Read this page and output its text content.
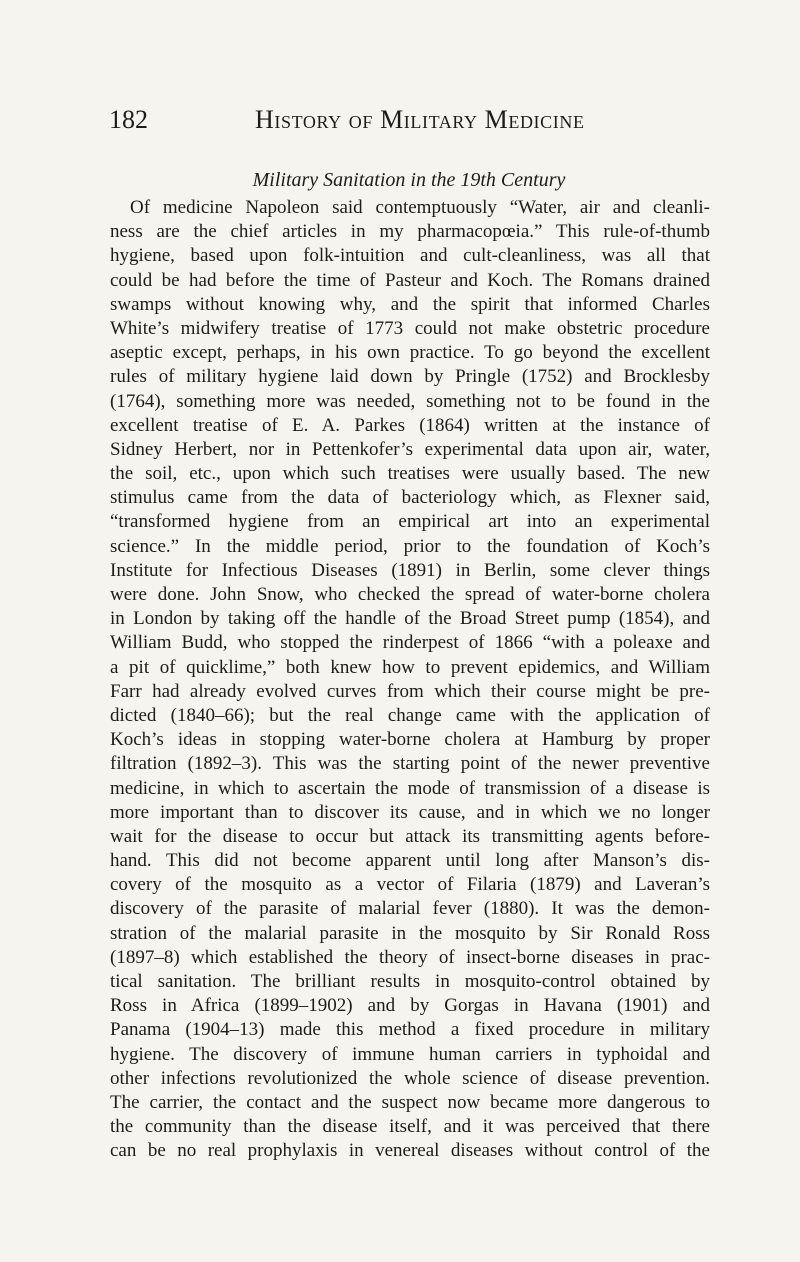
182	History of Military Medicine
Military Sanitation in the 19th Century
Of medicine Napoleon said contemptuously “Water, air and cleanli-
ness are the chief articles in my pharmacopœia.” This rule-of-thumb
hygiene, based upon folk-intuition and cult-cleanliness, was all that
could be had before the time of Pasteur and Koch. The Romans drained
swamps without knowing why, and the spirit that informed Charles
White’s midwifery treatise of 1773 could not make obstetric procedure
aseptic except, perhaps, in his own practice. To go beyond the excellent
rules of military hygiene laid down by Pringle (1752) and Brocklesby
(1764), something more was needed, something not to be found in the
excellent treatise of E. A. Parkes (1864) written at the instance of
Sidney Herbert, nor in Pettenkofer’s experimental data upon air, water,
the soil, etc., upon which such treatises were usually based. The new
stimulus came from the data of bacteriology which, as Flexner said,
“transformed hygiene from an empirical art into an experimental
science.” In the middle period, prior to the foundation of Koch’s
Institute for Infectious Diseases (1891) in Berlin, some clever things
were done. John Snow, who checked the spread of water-borne cholera
in London by taking off the handle of the Broad Street pump (1854), and
William Budd, who stopped the rinderpest of 1866 “with a poleaxe and
a pit of quicklime,” both knew how to prevent epidemics, and William
Farr had already evolved curves from which their course might be pre-
dicted (1840–66); but the real change came with the application of
Koch’s ideas in stopping water-borne cholera at Hamburg by proper
filtration (1892–3). This was the starting point of the newer preventive
medicine, in which to ascertain the mode of transmission of a disease is
more important than to discover its cause, and in which we no longer
wait for the disease to occur but attack its transmitting agents before-
hand. This did not become apparent until long after Manson’s dis-
covery of the mosquito as a vector of Filaria (1879) and Laveran’s
discovery of the parasite of malarial fever (1880). It was the demon-
stration of the malarial parasite in the mosquito by Sir Ronald Ross
(1897–8) which established the theory of insect-borne diseases in prac-
tical sanitation. The brilliant results in mosquito-control obtained by
Ross in Africa (1899–1902) and by Gorgas in Havana (1901) and
Panama (1904–13) made this method a fixed procedure in military
hygiene. The discovery of immune human carriers in typhoidal and
other infections revolutionized the whole science of disease prevention.
The carrier, the contact and the suspect now became more dangerous to
the community than the disease itself, and it was perceived that there
can be no real prophylaxis in venereal diseases without control of the
